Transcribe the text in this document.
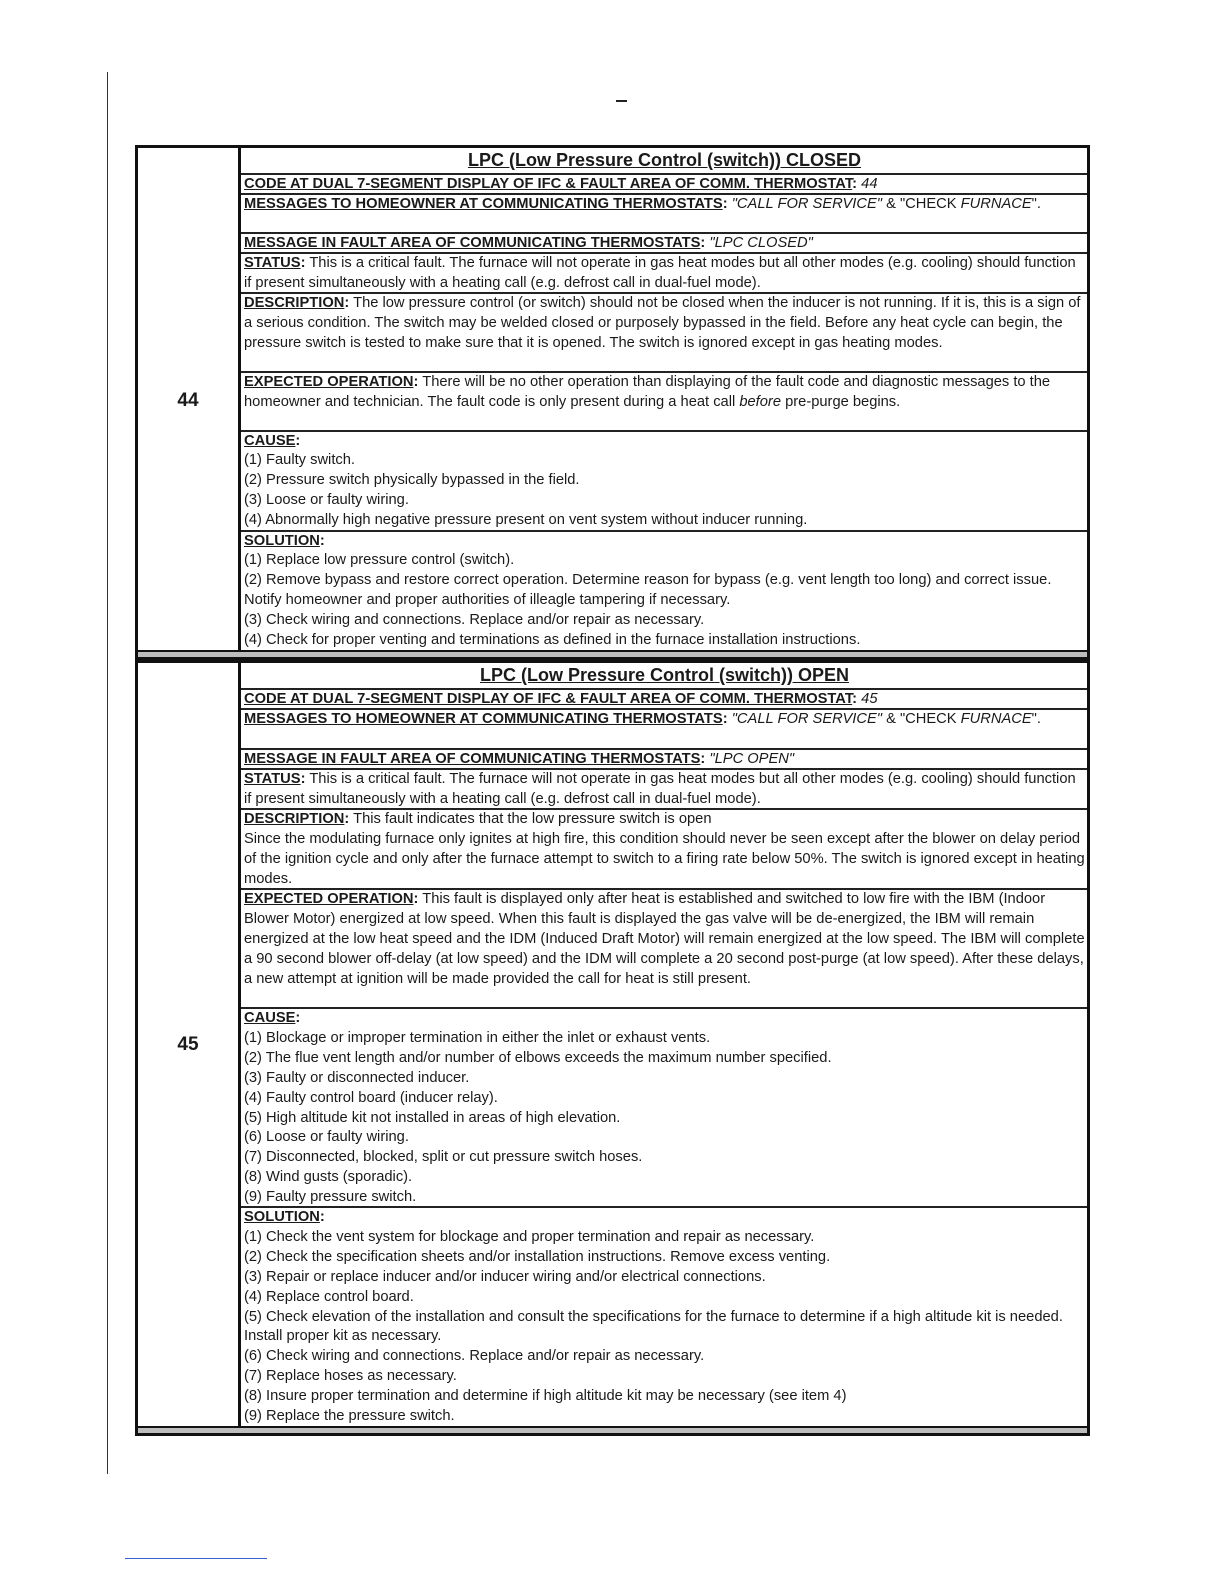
44
LPC (Low Pressure Control (switch)) CLOSED
CODE AT DUAL 7-SEGMENT DISPLAY OF IFC & FAULT AREA OF COMM. THERMOSTAT: 44
MESSAGES TO HOMEOWNER AT COMMUNICATING THERMOSTATS: "CALL FOR SERVICE" & "CHECK FURNACE".
MESSAGE IN FAULT AREA OF COMMUNICATING THERMOSTATS: "LPC CLOSED"
STATUS: This is a critical fault. The furnace will not operate in gas heat modes but all other modes (e.g. cooling) should function if present simultaneously with a heating call (e.g. defrost call in dual-fuel mode).
DESCRIPTION: The low pressure control (or switch) should not be closed when the inducer is not running. If it is, this is a sign of a serious condition. The switch may be welded closed or purposely bypassed in the field. Before any heat cycle can begin, the pressure switch is tested to make sure that it is opened. The switch is ignored except in gas heating modes.
EXPECTED OPERATION: There will be no other operation than displaying of the fault code and diagnostic messages to the homeowner and technician. The fault code is only present during a heat call before pre-purge begins.
CAUSE:

(1) Faulty switch.

(2) Pressure switch physically bypassed in the field.

(3) Loose or faulty wiring.

(4) Abnormally high negative pressure present on vent system without inducer running.

SOLUTION:

(1) Replace low pressure control (switch).

(2) Remove bypass and restore correct operation. Determine reason for bypass (e.g. vent length too long) and correct issue. Notify homeowner and proper authorities of illeagle tampering if necessary.

(3) Check wiring and connections. Replace and/or repair as necessary.

(4) Check for proper venting and terminations as defined in the furnace installation instructions.

45
LPC (Low Pressure Control (switch)) OPEN
CODE AT DUAL 7-SEGMENT DISPLAY OF IFC & FAULT AREA OF COMM. THERMOSTAT: 45
MESSAGES TO HOMEOWNER AT COMMUNICATING THERMOSTATS: "CALL FOR SERVICE" & "CHECK FURNACE".
MESSAGE IN FAULT AREA OF COMMUNICATING THERMOSTATS: "LPC OPEN"
STATUS: This is a critical fault. The furnace will not operate in gas heat modes but all other modes (e.g. cooling) should function if present simultaneously with a heating call (e.g. defrost call in dual-fuel mode).
DESCRIPTION: This fault indicates that the low pressure switch is open

Since the modulating furnace only ignites at high fire, this condition should never be seen except after the blower on delay period of the ignition cycle and only after the furnace attempt to switch to a firing rate below 50%. The switch is ignored except in heating modes.

EXPECTED OPERATION: This fault is displayed only after heat is established and switched to low fire with the IBM (Indoor Blower Motor) energized at low speed. When this fault is displayed the gas valve will be de-energized, the IBM will remain energized at the low heat speed and the IDM (Induced Draft Motor) will remain energized at the low speed. The IBM will complete a 90 second blower off-delay (at low speed) and the IDM will complete a 20 second post-purge (at low speed). After these delays, a new attempt at ignition will be made provided the call for heat is still present.
CAUSE:

(1) Blockage or improper termination in either the inlet or exhaust vents.

(2) The flue vent length and/or number of elbows exceeds the maximum number specified.

(3) Faulty or disconnected inducer.

(4) Faulty control board (inducer relay).

(5) High altitude kit not installed in areas of high elevation.

(6) Loose or faulty wiring.

(7) Disconnected, blocked, split or cut pressure switch hoses.

(8) Wind gusts (sporadic).

(9) Faulty pressure switch.

SOLUTION:

(1) Check the vent system for blockage and proper termination and repair as necessary.

(2) Check the specification sheets and/or installation instructions. Remove excess venting.

(3) Repair or replace inducer and/or inducer wiring and/or electrical connections.

(4) Replace control board.

(5) Check elevation of the installation and consult the specifications for the furnace to determine if a high altitude kit is needed. Install proper kit as necessary.

(6) Check wiring and connections. Replace and/or repair as necessary.

(7) Replace hoses as necessary.

(8) Insure proper termination and determine if high altitude kit may be necessary (see item 4)

(9) Replace the pressure switch.
